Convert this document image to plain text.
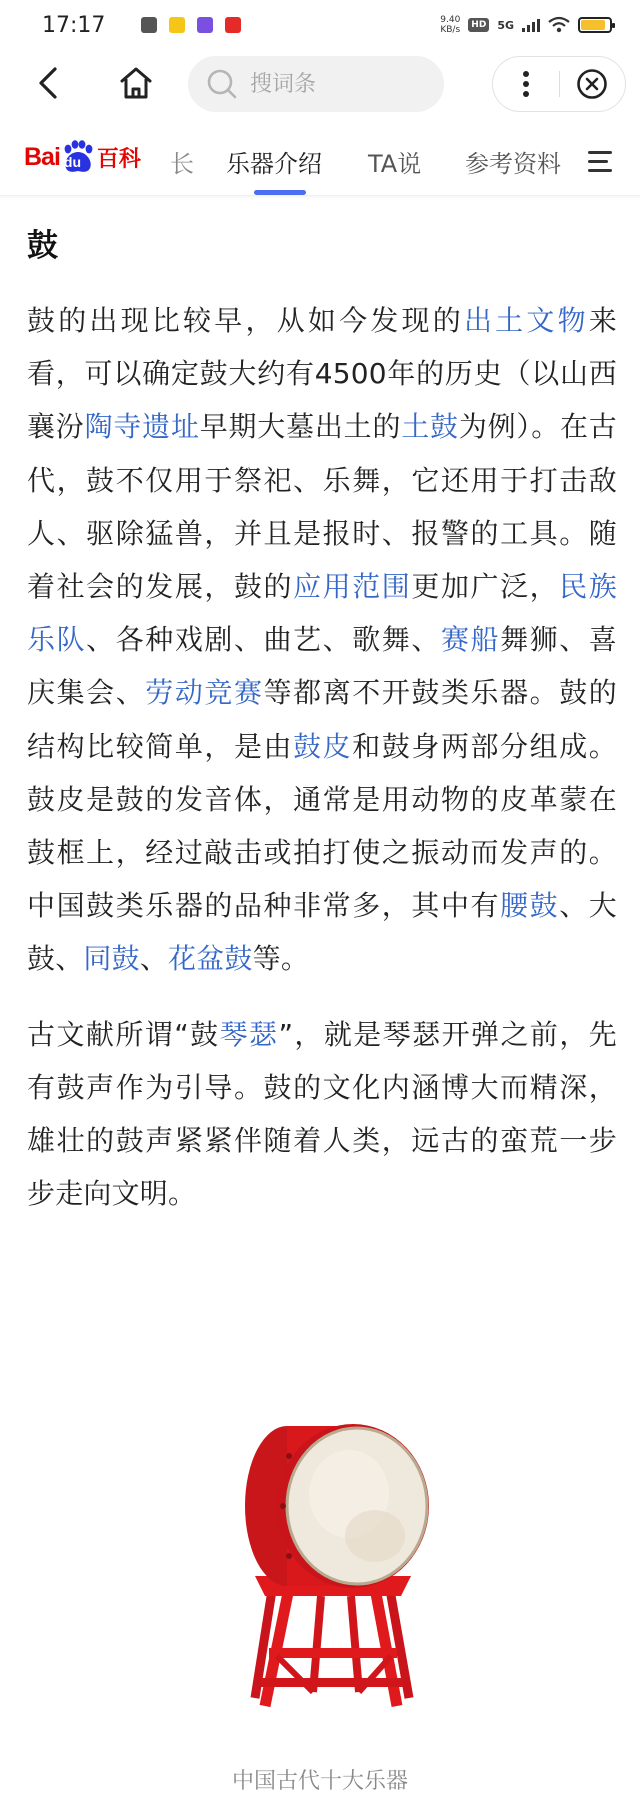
17:17	9.40
KB/s	HD 5G
搜词条
Bai du 百科 长 乐器介绍 TA说 参考资料
鼓

鼓的出现比较早，从如今发现的出土文物来看，可以确定鼓大约有4500年的历史（以山西襄汾陶寺遗址早期大墓出土的土鼓为例）。在古代，鼓不仅用于祭祀、乐舞，它还用于打击敌人、驱除猛兽，并且是报时、报警的工具。随着社会的发展，鼓的应用范围更加广泛，民族乐队、各种戏剧、曲艺、歌舞、赛船舞狮、喜庆集会、劳动竞赛等都离不开鼓类乐器。鼓的结构比较简单，是由鼓皮和鼓身两部分组成。鼓皮是鼓的发音体，通常是用动物的皮革蒙在鼓框上，经过敲击或拍打使之振动而发声的。中国鼓类乐器的品种非常多，其中有腰鼓、大鼓、同鼓、花盆鼓等。

古文献所谓“鼓琴瑟”，就是琴瑟开弹之前，先有鼓声作为引导。鼓的文化内涵博大而精深，雄壮的鼓声紧紧伴随着人类，远古的蛮荒一步步走向文明。

中国古代十大乐器
